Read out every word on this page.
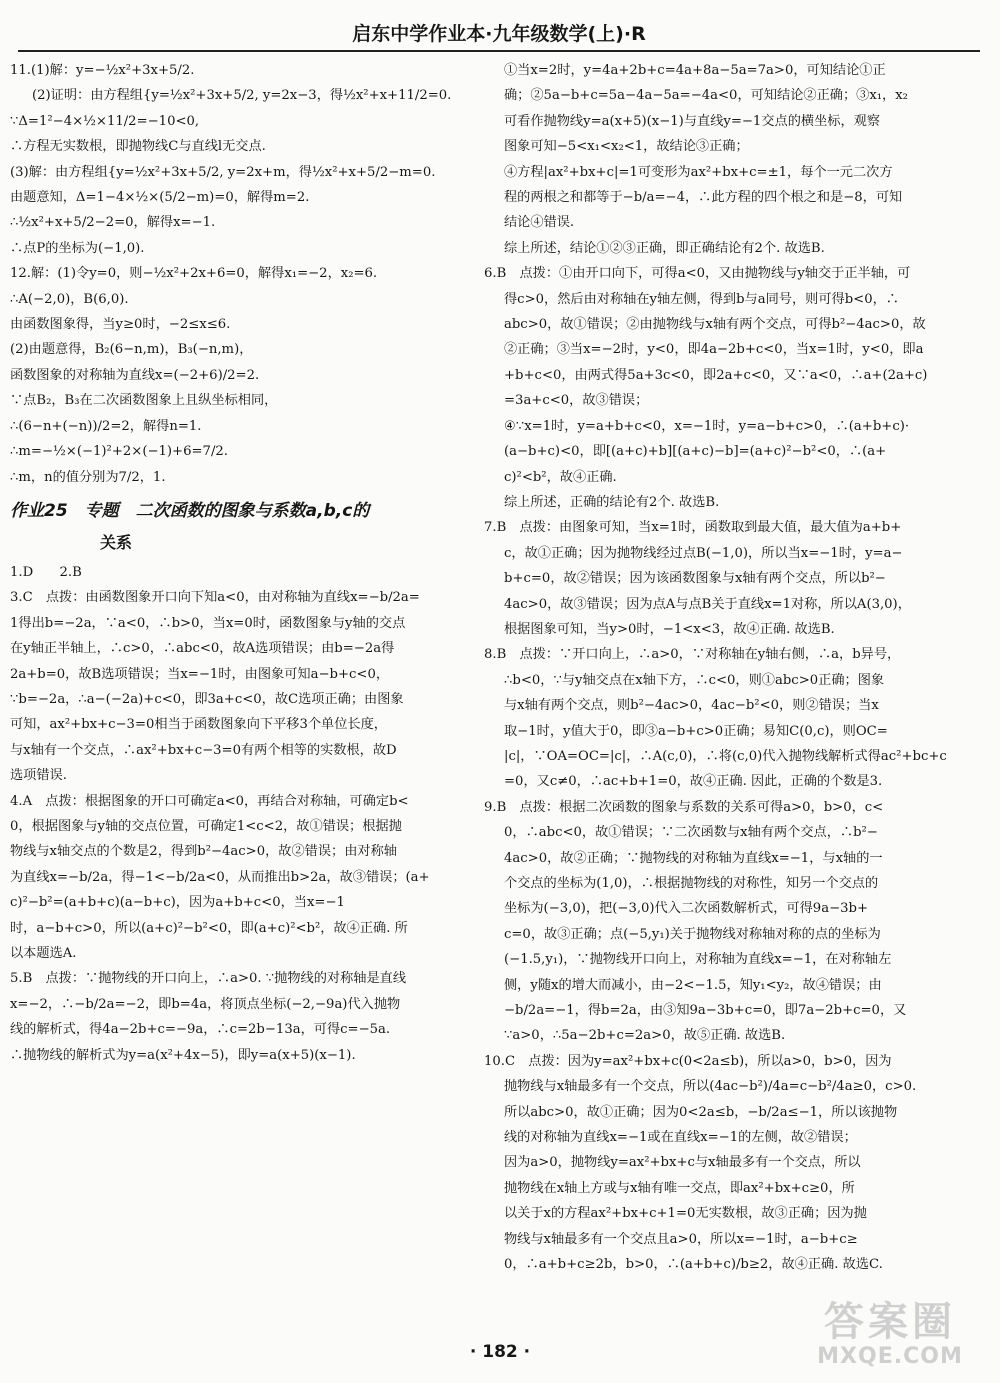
启东中学作业本·九年级数学(上)·R

11.(1)解：y=−½x²+3x+5/2.

(2)证明：由方程组{y=½x²+3x+5/2, y=2x−3，得½x²+x+11/2=0.

∵Δ=1²−4×½×11/2=−10<0,

∴方程无实数根，即抛物线C与直线l无交点.

(3)解：由方程组{y=½x²+3x+5/2, y=2x+m，得½x²+x+5/2−m=0.

由题意知，Δ=1−4×½×(5/2−m)=0，解得m=2.

∴½x²+x+5/2−2=0，解得x=−1.

∴点P的坐标为(−1,0).

12.解：(1)令y=0，则−½x²+2x+6=0，解得x₁=−2，x₂=6.

∴A(−2,0)，B(6,0).

由函数图象得，当y≥0时，−2≤x≤6.

(2)由题意得，B₂(6−n,m)，B₃(−n,m)，

函数图象的对称轴为直线x=(−2+6)/2=2.

∵点B₂，B₃在二次函数图象上且纵坐标相同，

∴(6−n+(−n))/2=2，解得n=1.

∴m=−½×(−1)²+2×(−1)+6=7/2.

∴m，n的值分别为7/2，1.

作业25　专题　二次函数的图象与系数a,b,c的
关系

1.D　　2.B

3.C　点拨：由函数图象开口向下知a<0，由对称轴为直线x=−b/2a=

1得出b=−2a，∵a<0，∴b>0，当x=0时，函数图象与y轴的交点

在y轴正半轴上，∴c>0，∴abc<0，故A选项错误；由b=−2a得

2a+b=0，故B选项错误；当x=−1时，由图象可知a−b+c<0，

∵b=−2a，∴a−(−2a)+c<0，即3a+c<0，故C选项正确；由图象

可知，ax²+bx+c−3=0相当于函数图象向下平移3个单位长度，

与x轴有一个交点，∴ax²+bx+c−3=0有两个相等的实数根，故D

选项错误.

4.A　点拨：根据图象的开口可确定a<0，再结合对称轴，可确定b<

0，根据图象与y轴的交点位置，可确定1<c<2，故①错误；根据抛

物线与x轴交点的个数是2，得到b²−4ac>0，故②错误；由对称轴

为直线x=−b/2a，得−1<−b/2a<0，从而推出b>2a，故③错误；(a+

c)²−b²=(a+b+c)(a−b+c)，因为a+b+c<0，当x=−1

时，a−b+c>0，所以(a+c)²−b²<0，即(a+c)²<b²，故④正确. 所

以本题选A.

5.B　点拨：∵抛物线的开口向上，∴a>0. ∵抛物线的对称轴是直线

x=−2，∴−b/2a=−2，即b=4a，将顶点坐标(−2,−9a)代入抛物

线的解析式，得4a−2b+c=−9a，∴c=2b−13a，可得c=−5a.

∴抛物线的解析式为y=a(x²+4x−5)，即y=a(x+5)(x−1).

①当x=2时，y=4a+2b+c=4a+8a−5a=7a>0，可知结论①正

确；②5a−b+c=5a−4a−5a=−4a<0，可知结论②正确；③x₁，x₂

可看作抛物线y=a(x+5)(x−1)与直线y=−1交点的横坐标，观察

图象可知−5<x₁<x₂<1，故结论③正确；

④方程|ax²+bx+c|=1可变形为ax²+bx+c=±1，每个一元二次方

程的两根之和都等于−b/a=−4，∴此方程的四个根之和是−8，可知

结论④错误.

综上所述，结论①②③正确，即正确结论有2个. 故选B.

6.B　点拨：①由开口向下，可得a<0，又由抛物线与y轴交于正半轴，可

得c>0，然后由对称轴在y轴左侧，得到b与a同号，则可得b<0，∴

abc>0，故①错误；②由抛物线与x轴有两个交点，可得b²−4ac>0，故

②正确；③当x=−2时，y<0，即4a−2b+c<0，当x=1时，y<0，即a

+b+c<0，由两式得5a+3c<0，即2a+c<0，又∵a<0，∴a+(2a+c)

=3a+c<0，故③错误；

④∵x=1时，y=a+b+c<0，x=−1时，y=a−b+c>0，∴(a+b+c)·

(a−b+c)<0，即[(a+c)+b][(a+c)−b]=(a+c)²−b²<0，∴(a+

c)²<b²，故④正确.

综上所述，正确的结论有2个. 故选B.

7.B　点拨：由图象可知，当x=1时，函数取到最大值，最大值为a+b+

c，故①正确；因为抛物线经过点B(−1,0)，所以当x=−1时，y=a−

b+c=0，故②错误；因为该函数图象与x轴有两个交点，所以b²−

4ac>0，故③错误；因为点A与点B关于直线x=1对称，所以A(3,0)，

根据图象可知，当y>0时，−1<x<3，故④正确. 故选B.

8.B　点拨：∵开口向上，∴a>0，∵对称轴在y轴右侧，∴a，b异号，

∴b<0，∵与y轴交点在x轴下方，∴c<0，则①abc>0正确；图象

与x轴有两个交点，则b²−4ac>0，4ac−b²<0，则②错误；当x

取−1时，y值大于0，即③a−b+c>0正确；易知C(0,c)，则OC=

|c|，∵OA=OC=|c|，∴A(c,0)，∴将(c,0)代入抛物线解析式得ac²+bc+c

=0，又c≠0，∴ac+b+1=0，故④正确. 因此，正确的个数是3.

9.B　点拨：根据二次函数的图象与系数的关系可得a>0，b>0，c<

0，∴abc<0，故①错误；∵二次函数与x轴有两个交点，∴b²−

4ac>0，故②正确；∵抛物线的对称轴为直线x=−1，与x轴的一

个交点的坐标为(1,0)，∴根据抛物线的对称性，知另一个交点的

坐标为(−3,0)，把(−3,0)代入二次函数解析式，可得9a−3b+

c=0，故③正确；点(−5,y₁)关于抛物线对称轴对称的点的坐标为

(−1.5,y₁)，∵抛物线开口向上，对称轴为直线x=−1，在对称轴左

侧，y随x的增大而减小，由−2<−1.5，知y₁<y₂，故④错误；由

−b/2a=−1，得b=2a，由③知9a−3b+c=0，即7a−2b+c=0，又

∵a>0，∴5a−2b+c=2a>0，故⑤正确. 故选B.

10.C　点拨：因为y=ax²+bx+c(0<2a≤b)，所以a>0，b>0，因为

抛物线与x轴最多有一个交点，所以(4ac−b²)/4a=c−b²/4a≥0，c>0.

所以abc>0，故①正确；因为0<2a≤b，−b/2a≤−1，所以该抛物

线的对称轴为直线x=−1或在直线x=−1的左侧，故②错误；

因为a>0，抛物线y=ax²+bx+c与x轴最多有一个交点，所以

抛物线在x轴上方或与x轴有唯一交点，即ax²+bx+c≥0，所

以关于x的方程ax²+bx+c+1=0无实数根，故③正确；因为抛

物线与x轴最多有一个交点且a>0，所以x=−1时，a−b+c≥

0，∴a+b+c≥2b，b>0，∴(a+b+c)/b≥2，故④正确. 故选C.

· 182 ·
答案圈
MXQE.COM
